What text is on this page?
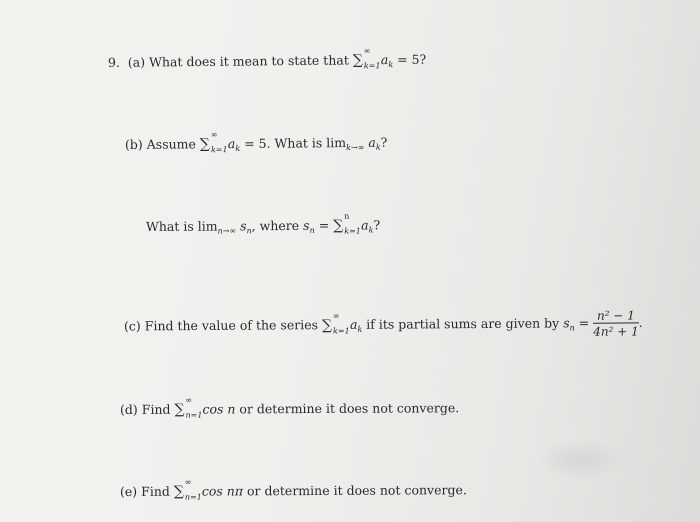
9. (a) What does it mean to state that ∑
∞
k=1 $a_k = 5$?
(b) Assume ∑
∞
k=1 $a_k = 5$. What is $\lim_{k\to\infty} a_k$?
What is $\lim_{n\to\infty} s_n$, where $s_n$ = ∑
n
k=1 $a_k$?
(c) Find the value of the series ∑
∞
k=1 $a_k$ if its partial sums are given by $s_n = \frac{\text{n² − 1}}{\text{4n² + 1}}$ .
(d) Find ∑
∞
n=1 cos n or determine it does not converge.
(e) Find ∑
∞
n=1 cos nπ or determine it does not converge.
